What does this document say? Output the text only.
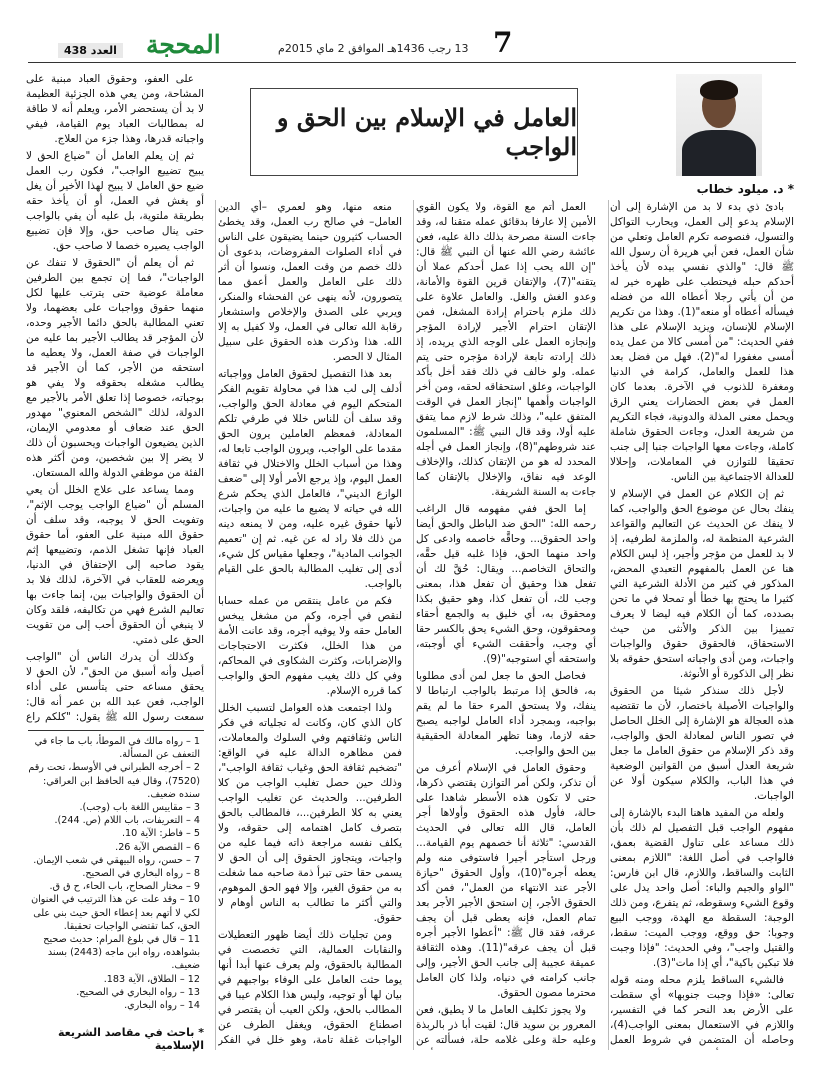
المحجة
العدد 438	13 رجب 1436هـ الموافق 2 ماي 2015م 7
العامل في الإسلام بين الحق و الواجب
* د. ميلود خطاب

بادئ ذي بدء لا بد من الإشارة إلى أن الإسلام يدعو إلى العمل، ويحارب التواكل والتسول، فنصوصه تكرم العامل وتعلي من شأن العمل، فعن أبي هريرة أن رسول الله ﷺ قال: "والذي نفسي بيده لأن يأخذ أحدكم حبله فيحتطب على ظهره خير له من أن يأتي رجلا أعطاه الله من فضله فيسأله أعطاه أو منعه"(1). وهذا من تكريم الإسلام للإنسان، ويزيد الإسلام على هذا ففي الحديث: "من أمسى كالا من عمل يده أمسى مغفورا له"(2). فهل من فضل بعد هذا للعمل والعامل، كرامة في الدنيا ومغفرة للذنوب في الآخرة. بعدما كان العمل في بعض الحضارات يعني الرق ويحمل معنى المذلة والدونية، فجاء التكريم من شريعة العدل، وجاءت الحقوق شاملة كاملة، وجاءت معها الواجبات جنبا إلى جنب تحقيقا للتوازن في المعاملات، وإحلالا للعدالة الاجتماعية بين الناس.

ثم إن الكلام عن العمل في الإسلام لا ينفك بحال عن موضوع الحق والواجب، كما لا ينفك عن الحديث عن التعاليم والقواعد الشرعية المنظمة له، والملزمة لطرفيه، إذ لا بد للعمل من مؤجر وأجير، إذ ليس الكلام هنا عن العمل بالمفهوم التعبدي المحض، المذكور في كثير من الأدلة الشرعية التي كثيرا ما يحتج بها خطأ أو تمحلا في ما تحن بصدده، كما أن الكلام فيه ليضا لا يعرف تمييزا بين الذكر والأنثى من حيث الاستحقاق، فالحقوق حقوق والواجبات واجبات، ومن أدى واجباته استحق حقوقه بلا نظر إلى الذكورة أو الأنوثة.

لأجل ذلك سنذكر شيئا من الحقوق والواجبات الأصيلة باختصار، لأن ما تقتضيه هذه العجالة هو الإشارة إلى الخلل الحاصل في تصور الناس لمعادلة الحق والواجب، وقد ذكر الإسلام من حقوق العامل ما جعل شريعة العدل أسبق من القوانين الوضعية في هذا الباب، والكلام سيكون أولا عن الواجبات.

ولعله من المفيد هاهنا البدء بالإشارة إلى مفهوم الواجب قبل التفصيل لم ذلك بأن ذلك مساعد على تناول القضية بعمق، فالواجب في أصل اللغة: "اللازم بمعنى الثابت والساقط، واللازم، قال ابن فارس: "الواو والجيم والباء: أصل واحد يدل على وقوع الشيء وسقوطه، ثم يتفرع، ومن ذلك الوجبة: السقطة مع الهدة، ووجب البيع وجوبا: حق ووقع، ووجب الميت: سقط، والقتيل واجب"، وفي الحديث: "فإذا وجبت فلا تبكين باكية"، أي إذا مات"(3).

فالشيء الساقط يلزم محله ومنه قوله تعالى: «فإذا وجبت جنوبها» أي سقطت على الأرض بعد النحر كما في التفسير، واللازم في الاستعمال بمعنى الواجب(4)، وحاصله أن المتضمن في شروط العمل

العمل أتم مع القوة، ولا يكون القوي الأمين إلا عارفا بدقائق عمله متقنا له، وقد جاءت السنة مصرحة بذلك دالة عليه، فعن عائشة رضي الله عنها أن النبي ﷺ قال: "إن الله يحب إذا عمل أحدكم عملا أن يتقنه"(7)، والإتقان قرين القوة والأمانة، وعدو الغش والغل. والعامل علاوة على ذلك ملزم باحترام إرادة المشغل، فمن الإتقان احترام الأجير لإرادة المؤجر وإنجازه العمل على الوجه الذي يريده، إذ ذلك إرادته تابعة لإرادة مؤجره حتى يتم عمله. ولو خالف في ذلك فقد أخل بأكد الواجبات، وعلق استحقاقه لحقه، ومن أخر الواجبات وأهمها "إنجاز العمل في الوقت المتفق عليه"، وذلك شرط لازم مما يتفق عليه أولا، وقد قال النبي ﷺ: "المسلمون عند شروطهم"(8)، وإنجاز العمل في أجله المحدد له هو من الإتقان كذلك، والإخلاف الوعد فيه نفاق، والإخلال بالإتقان كما جاءت به السنة الشريفة.

إما الحق ففي مفهومه قال الراغب رحمه الله: "الحق ضد الباطل والحق أيضا واحد الحقوق... وحاقَّه خاصمه وادعى كل واحد منهما الحق، فإذا غلبه قيل حقَّه، والتحاق التخاصم... ويقال: حُقَّ لك أن تفعل هذا وحقيق أن تفعل هذا، بمعنى وجب لك، أن تفعل كذا، وهو حقيق بكذا ومحقوق به، أي خليق به والجمع أحقاء ومحقوقون، وحق الشيء يحق بالكسر حقا أي وجب، وأحققت الشيء أي أوجبته، واستحقه أي استوجبه"(9).

فحاصل الحق ما جعل لمن أدى مطلوبا به، فالحق إذا مرتبط بالواجب ارتباطا لا ينفك، ولا يستحق المرء حقا ما لم يقم بواجبه، وبمجرد أداء العامل لواجبه يصبح حقه لازما، وهنا تظهر المعادلة الحقيقية بين الحق والواجب.

وحقوق العامل في الإسلام أعرف من أن تذكر، ولكن أمر التوازن يقتضي ذكرها، حتى لا تكون هذه الأسطر شاهدا على حالة، فأول هذه الحقوق وأولاها أجر العامل، قال الله تعالى في الحديث القدسي: "ثلاثة أنا خصمهم يوم القيامة... ورجل استأجر أجيرا فاستوفى منه ولم يعطه أجره"(10)، وأول الحقوق "حيازة الأجر عند الانتهاء من العمل"، فمن أكد الحقوق الأجر، إن استحق الأجير الأجر بعد تمام العمل، فإنه يعطى قبل أن يجف عرقه، فقد قال ﷺ: "أعطوا الأجير أجره قبل أن يجف عرقه"(11). وهذه الثقافة عميقة عجيبة إلى جانب الحق الأجير، وإلى جانب كرامته في دنياه، ولذا كان العامل محترما مصون الحقوق.

ولا يجوز تكليف العامل ما لا يطيق، فعن المعرور بن سويد قال: لقيت أبا ذر بالربذة وعليه حلة وعلى غلامه حلة، فسألته عن

منعه منها، وهو لعمري –أي الدين العامل– في صالح رب العمل، وقد يخطئ الحساب كثيرون حينما يضيقون على الناس في أداء الصلوات المفروضات، بدعوى أن ذلك خصم من وقت العمل، ونسوا أن أثر ذلك على العامل والعمل أعمق مما يتصورون، لأنه ينهى عن الفحشاء والمنكر، ويربي على الصدق والإخلاص واستشعار رقابة الله تعالى في العمل، ولا كفيل به إلا الله. هذا وذكرت هذه الحقوق على سبيل المثال لا الحصر.

بعد هذا التفصيل لحقوق العامل وواجباته أدلف إلى لب هذا في محاولة تقويم الفكر المتحكم اليوم في معادلة الحق والواجب، وقد سلف أن للناس خللا في طرفي تلكم المعادلة، فمعظم العاملين يرون الحق مقدما على الواجب، ويرون الواجب تابعا له، وهذا من أسباب الخلل والاختلال في ثقافة العمل اليوم، وإذ يرجع الأمر أولا إلى "ضعف الوازع الديني"، فالعامل الذي يحكم شرع الله في حياته لا يضيع ما عليه من واجبات، لأنها حقوق غيره عليه، ومن لا يمنعه دينه من ذلك فلا راد له عن غيه. ثم إن "تعميم الجوانب المادية"، وجعلها مقياس كل شيء، أدى إلى تغليب المطالبة بالحق على القيام بالواجب.

فكم من عامل ينتقص من عمله حسابا لنقص في أجره، وكم من مشغل يبخس العامل حقه ولا يوفيه أجره، وقد عانت الأمة من هذا الخلل، فكثرت الاحتجاجات والإضرابات، وكثرت الشكاوى في المحاكم، وفي كل ذلك يغيب مفهوم الحق والواجب كما قرره الإسلام.

ولذا اجتمعت هذه العوامل لتسبب الخلل كان الذي كان، وكانت له تجلياته في فكر الناس وثقافتهم وفي السلوك والمعاملات، فمن مظاهره الدالة عليه في الواقع: "تضخيم ثقافة الحق وغياب ثقافة الواجب"، وذلك حين حصل تغليب الواجب من كلا الطرفين... والحديث عن تغليب الواجب يعني به كلا الطرفين...، فالمطالب بالحق بتصرف كامل اهتمامه إلى حقوقه، ولا يكلف نفسه مراجعة ذاته فيما عليه من واجبات، ويتجاوز الحقوق إلى أن الحق لا يسمى حقا حتى تبرأ ذمة صاحبه مما شغلت به من حقوق الغير، وإلا فهو الحق الموهوم، والتي أكثر ما تطالب به الناس أوهام لا حقوق.

ومن تجليات ذلك أيضا ظهور التعطيلات والنقابات العمالية، التي تخصصت في المطالبة بالحقوق، ولم يعرف عنها أبدا أنها يوما حثت العامل على الوفاء بواجبهم في بيان لها أو توجيه، وليس هذا الكلام عيبا في المطالب بالحق، ولكن العيب أن يقتصر في اصطناع الحقوق، ويغفل الطرف عن الواجبات غفلة تامة، وهو خلل في الفكر

على العفو، وحقوق العباد مبنية على المشاحة، ومن يعي هذه الجزئية العظيمة لا بد أن يستحضر الأمر، ويعلم أنه لا طاقة له بمطالبات العباد يوم القيامة، فيفي واجباته قدرها، وهذا جزء من العلاج.

ثم إن يعلم العامل أن "ضياع الحق لا يبيح تضييع الواجب"، فكون رب العمل ضيع حق العامل لا يبيح لهذا الأخير أن يغل أو يغش في العمل، أو أن يأخذ حقه بطريقة ملتوية، بل عليه أن يفي بالواجب حتى ينال صاحب حق، وإلا فإن تضييع الواجب يصيره خصما لا صاحب حق.

ثم أن يعلم أن "الحقوق لا تنفك عن الواجبات"، فما إن تجمع بين الطرفين معاملة عوضية حتى يترتب عليها لكل منهما حقوق وواجبات على بعضهما، ولا تعني المطالبة بالحق دائما الأجير وحده، لأن المؤجر قد يطالب الأجير بما عليه من الواجبات في صفة العمل، ولا يعطيه ما استحقه من الأجر، كما أن الأجير قد يطالب مشغله بحقوقه ولا يفي هو بوجباته، خصوصا إذا تعلق الأمر بالأجير مع الدولة، لذلك "الشخص المعنوي" مهدور الحق عند ضعاف أو معدومي الإيمان، الذين يضيعون الواجبات ويحسبون أن ذلك لا يضر إلا بين شخصين، ومن أكثر هذه الفئة من موظفي الدولة والله المستعان.

ومما يساعد على علاج الخلل أن يعي المسلم أن "ضياع الواجب يوجب الإثم"، وتفويت الحق لا يوجبه، وقد سلف أن حقوق الله مبنية على العفو، أما حقوق العباد فإنها تشغل الذمم، وتضييعها إثم يقود صاحبه إلى الإحتفاق في الدنيا، ويعرضه للعقاب في الآخرة، لذلك فلا بد أن الحقوق والواجبات بين، إنما جاءت بها تعاليم الشرع فهي من تكاليفه، فلقد وكان لا ينبغي أن الحقوق أحب إلى من تقويت الحق على ذمتي.

وكذلك أن يدرك الناس أن "الواجب أصيل وأنه أسبق من الحق"، لأن الحق لا يحقق مساعه حتى يتأسس على أداء الواجب، فعن عبد الله بن عمر أنه قال: سمعت رسول الله ﷺ يقول: "كلكم راع

1 – رواه مالك في الموطأ، باب ما جاء في التعفف عن المسألة.
2 – أخرجه الطبراني في الأوسط، تحت رقم (7520)، وقال فيه الحافظ ابن العراقي: سنده ضعيف.
3 – مقاييس اللغة باب (وجب).
4 – التعريفات، باب اللام (ص. 244).
5 – فاطر: الآية 10.
6 – القصص الآية 26.
7 – حسن، رواه البيهقي في شعب الإيمان.
8 – رواه البخاري في الصحيح.
9 – مختار الصحاح، باب الحاء، ح ق ق.
10 – وقد علت عن هذا الترتيب في العنوان لكي لا أتهم بعد إعطاء الحق حيث بني على الحق، كما تقتضي الواجبات تحقيقا.
11 – قال في بلوغ المرام: حديث صحيح بشواهده، رواه ابن ماجه (2443) بسند ضعيف.
12 – الطلاق، الآية 183.
13 – رواه البخاري في الصحيح.
14 – رواه البخاري.
* باحث في مقاصد الشريعة الإسلامية
